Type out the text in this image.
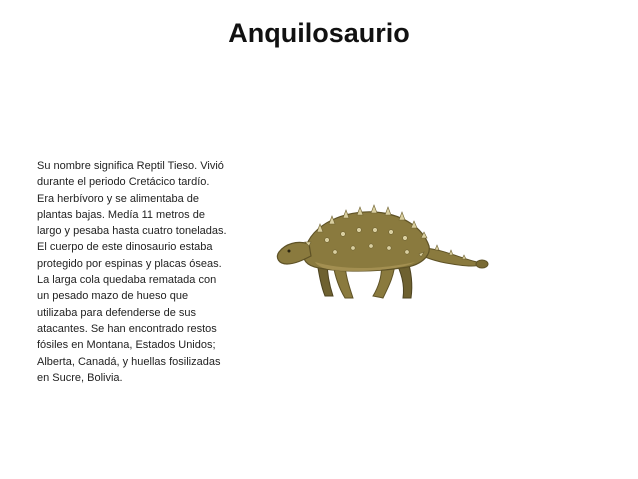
Anquilosaurio
Su nombre significa Reptil Tieso. Vivió
durante el periodo Cretácico tardío.
Era herbívoro y se alimentaba de
plantas bajas. Medía 11 metros de
largo y pesaba hasta cuatro toneladas.
El cuerpo de este dinosaurio estaba
protegido por espinas y placas óseas.
La larga cola quedaba rematada con
un pesado mazo de hueso que
utilizaba para defenderse de sus
atacantes. Se han encontrado restos
fósiles en Montana, Estados Unidos;
Alberta, Canadá, y huellas fosilizadas
en Sucre, Bolivia.
